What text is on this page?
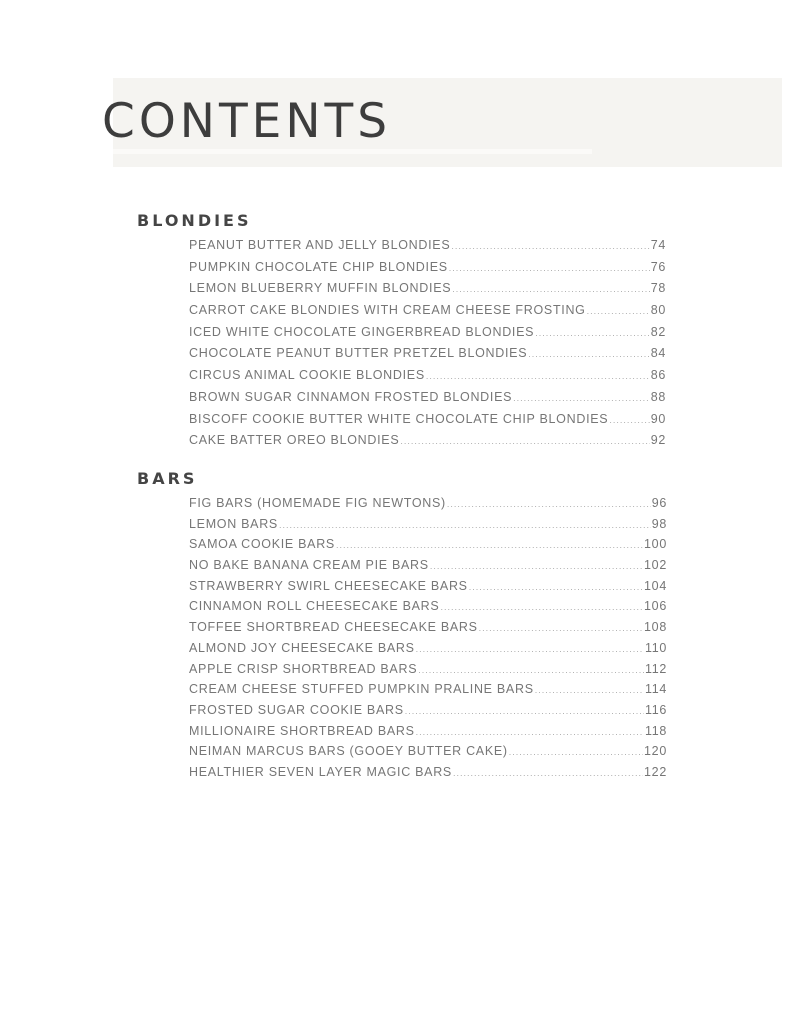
CONTENTS
BLONDIES
PEANUT BUTTER AND JELLY BLONDIES .....	74
PUMPKIN CHOCOLATE CHIP BLONDIES .....	76
LEMON BLUEBERRY MUFFIN BLONDIES .....	78
CARROT CAKE BLONDIES WITH CREAM CHEESE FROSTING .....	80
ICED WHITE CHOCOLATE GINGERBREAD BLONDIES .....	82
CHOCOLATE PEANUT BUTTER PRETZEL BLONDIES .....	84
CIRCUS ANIMAL COOKIE BLONDIES .....	86
BROWN SUGAR CINNAMON FROSTED BLONDIES .....	88
BISCOFF COOKIE BUTTER WHITE CHOCOLATE CHIP BLONDIES .....	90
CAKE BATTER OREO BLONDIES .....	92
BARS
FIG BARS (HOMEMADE FIG NEWTONS) .....	96
LEMON BARS .....	98
SAMOA COOKIE BARS .....	100
NO BAKE BANANA CREAM PIE BARS .....	102
STRAWBERRY SWIRL CHEESECAKE BARS .....	104
CINNAMON ROLL CHEESECAKE BARS .....	106
TOFFEE SHORTBREAD CHEESECAKE BARS .....	108
ALMOND JOY CHEESECAKE BARS .....	110
APPLE CRISP SHORTBREAD BARS .....	112
CREAM CHEESE STUFFED PUMPKIN PRALINE BARS .....	114
FROSTED SUGAR COOKIE BARS .....	116
MILLIONAIRE SHORTBREAD BARS .....	118
NEIMAN MARCUS BARS (GOOEY BUTTER CAKE) .....	120
HEALTHIER SEVEN LAYER MAGIC BARS .....	122
